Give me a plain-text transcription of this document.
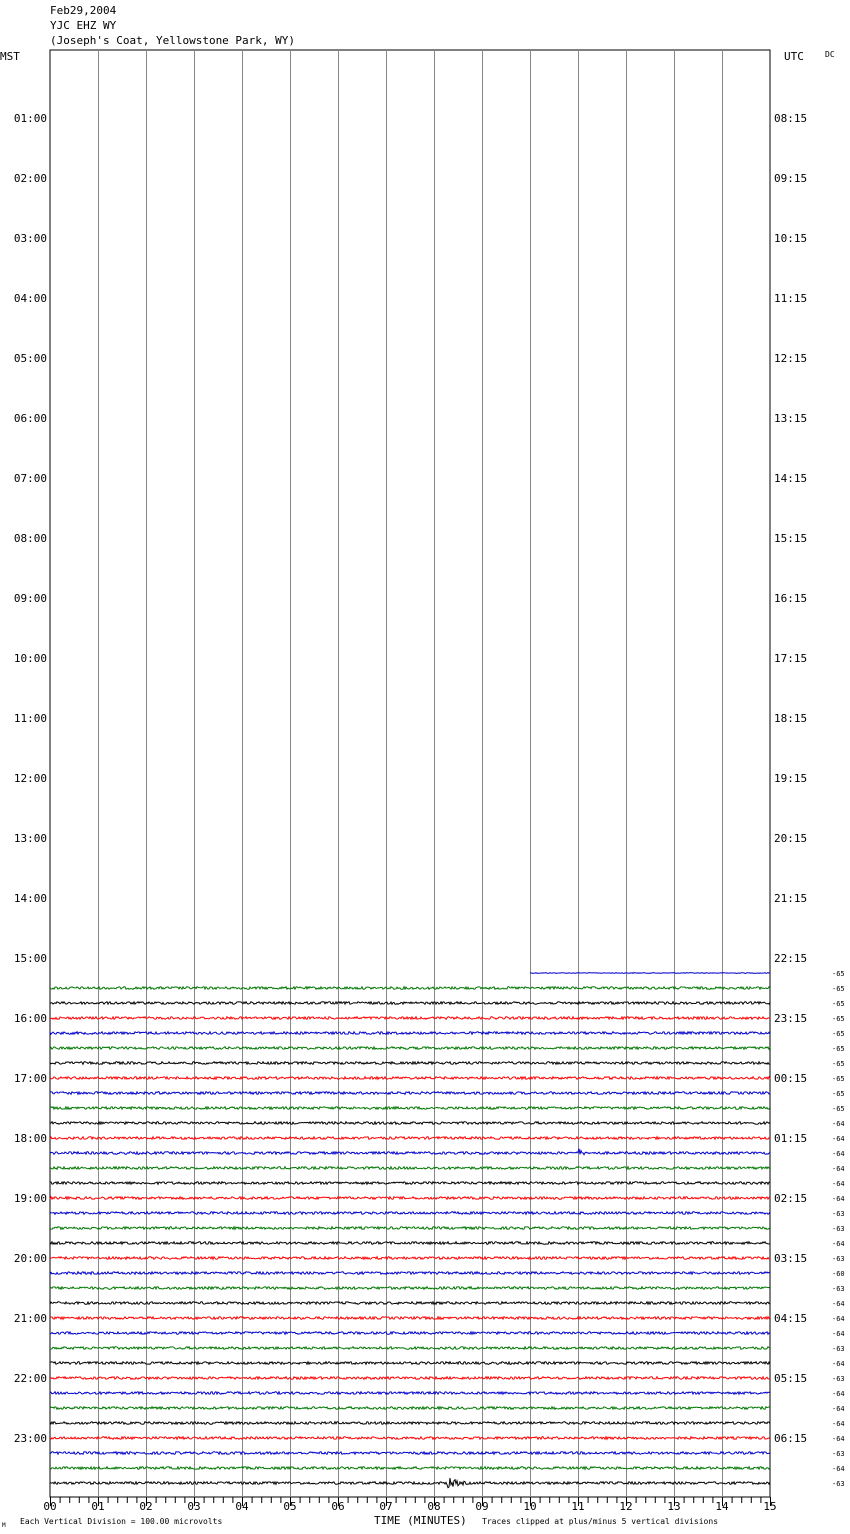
Feb29,2004
YJC EHZ WY
(Joseph's Coat, Yellowstone Park, WY)
00	01	02	03	04	05	06	07	08	09	10	11	12	13	14	15
01:00	08:15
02:00	09:15
03:00	10:15
04:00	11:15
05:00	12:15
06:00	13:15
07:00	14:15
08:00	15:15
09:00	16:15
10:00	17:15
11:00	18:15
12:00	19:15
13:00	20:15
14:00	21:15
15:00	22:15
16:00	23:15
17:00	00:15
18:00	01:15
19:00	02:15
20:00	03:15
21:00	04:15
22:00	05:15
23:00	06:15
-65
-65
-65
-65
-65
-65
-65
-65
-65
-65
-64
-64
-64
-64
-64
-64
-63
-63
-64
-63
-60
-63
-64
-64
-64
-63
-64
-63
-64
-64
-64
-64
-63
-64
-63
MST	UTC	DC
TIME (MINUTES)
Each Vertical Division = 100.00 microvolts	Traces clipped at plus/minus 5 vertical divisions
M
